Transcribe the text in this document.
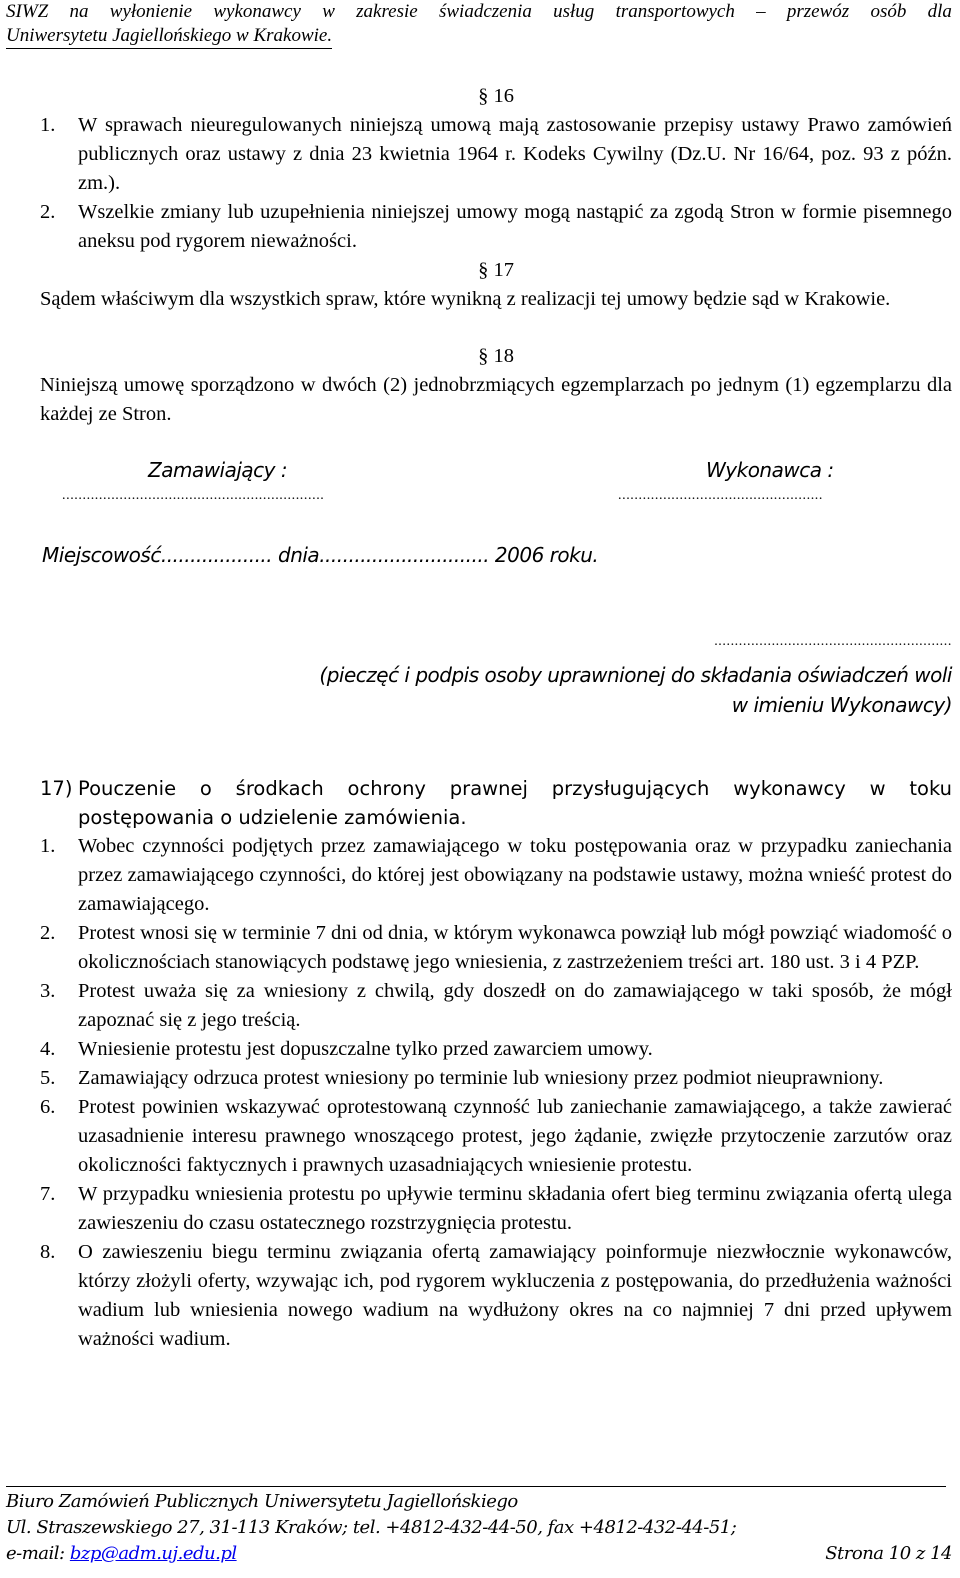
SIWZ na wyłonienie wykonawcy w zakresie świadczenia usług transportowych – przewóz osób dla
Uniwersytetu Jagiellońskiego w Krakowie.
§ 16
1.	W sprawach nieuregulowanych niniejszą umową mają zastosowanie przepisy ustawy Prawo zamówień publicznych oraz ustawy z dnia 23 kwietnia 1964 r. Kodeks Cywilny (Dz.U. Nr 16/64, poz. 93 z późn. zm.).
2.	Wszelkie zmiany lub uzupełnienia niniejszej umowy mogą nastąpić za zgodą Stron w formie pisemnego aneksu pod rygorem nieważności.
§ 17
Sądem właściwym dla wszystkich spraw, które wynikną z realizacji tej umowy będzie sąd w Krakowie.
§ 18
Niniejszą umowę sporządzono w dwóch (2) jednobrzmiących egzemplarzach po jednym (1) egzemplarzu dla każdej ze Stron.
Zamawiający :	Wykonawca :
................................................................	..................................................
Miejscowość................... dnia............................. 2006 roku.
..........................................................
(pieczęć i podpis osoby uprawnionej do składania oświadczeń woli
w imieniu Wykonawcy)
17) Pouczenie o środkach ochrony prawnej przysługujących wykonawcy w toku
postępowania o udzielenie zamówienia.
1.	Wobec czynności podjętych przez zamawiającego w toku postępowania oraz w przypadku zaniechania przez zamawiającego czynności, do której jest obowiązany na podstawie ustawy, można wnieść protest do zamawiającego.
2.	Protest wnosi się w terminie 7 dni od dnia, w którym wykonawca powziął lub mógł powziąć wiadomość o okolicznościach stanowiących podstawę jego wniesienia, z zastrzeżeniem treści art. 180 ust. 3 i 4 PZP.
3.	Protest uważa się za wniesiony z chwilą, gdy doszedł on do zamawiającego w taki sposób, że mógł zapoznać się z jego treścią.
4.	Wniesienie protestu jest dopuszczalne tylko przed zawarciem umowy.
5.	Zamawiający odrzuca protest wniesiony po terminie lub wniesiony przez podmiot nieuprawniony.
6.	Protest powinien wskazywać oprotestowaną czynność lub zaniechanie zamawiającego, a także zawierać uzasadnienie interesu prawnego wnoszącego protest, jego żądanie, zwięzłe przytoczenie zarzutów oraz okoliczności faktycznych i prawnych uzasadniających wniesienie protestu.
7.	W przypadku wniesienia protestu po upływie terminu składania ofert bieg terminu związania ofertą ulega zawieszeniu do czasu ostatecznego rozstrzygnięcia protestu.
8.	O zawieszeniu biegu terminu związania ofertą zamawiający poinformuje niezwłocznie wykonawców, którzy złożyli oferty, wzywając ich, pod rygorem wykluczenia z postępowania, do przedłużenia ważności wadium lub wniesienia nowego wadium na wydłużony okres na co najmniej 7 dni przed upływem ważności wadium.
Biuro Zamówień Publicznych Uniwersytetu Jagiellońskiego
Ul. Straszewskiego 27, 31-113 Kraków; tel. +4812-432-44-50, fax +4812-432-44-51;
e-mail: bzp@adm.uj.edu.pl	Strona 10 z 14
